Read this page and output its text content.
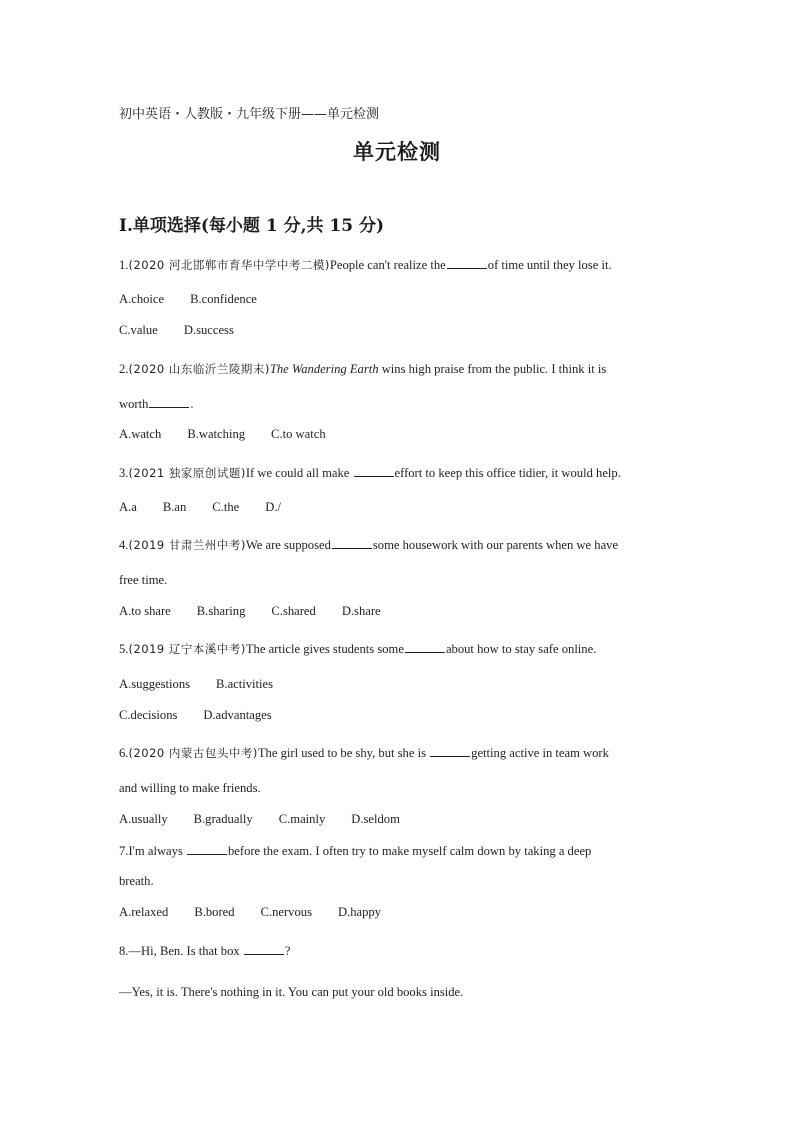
初中英语・人教版・九年级下册——单元检测
单元检测
Ⅰ.单项选择(每小题 1 分,共 15 分)
1.(2020 河北邯郸市育华中学中考二模)People can't realize the	of time until they lose it.
A.choice B.confidence
C.value D.success
2.(2020 山东临沂兰陵期末)The Wandering Earth wins high praise from the public. I think it is
worth	.
A.watch B.watching C.to watch
3.(2021 独家原创试题)If we could all make	effort to keep this office tidier, it would help.
A.a B.an C.the D./
4.(2019 甘肃兰州中考)We are supposed	some housework with our parents when we have
free time.
A.to share B.sharing C.shared D.share
5.(2019 辽宁本溪中考)The article gives students some	about how to stay safe online.
A.suggestions B.activities
C.decisions D.advantages
6.(2020 内蒙古包头中考)The girl used to be shy, but she is	getting active in team work
and willing to make friends.
A.usually B.gradually C.mainly D.seldom
7.I'm always	before the exam. I often try to make myself calm down by taking a deep
breath.
A.relaxed B.bored C.nervous D.happy
8.—Hi, Ben. Is that box	?
—Yes, it is. There's nothing in it. You can put your old books inside.
